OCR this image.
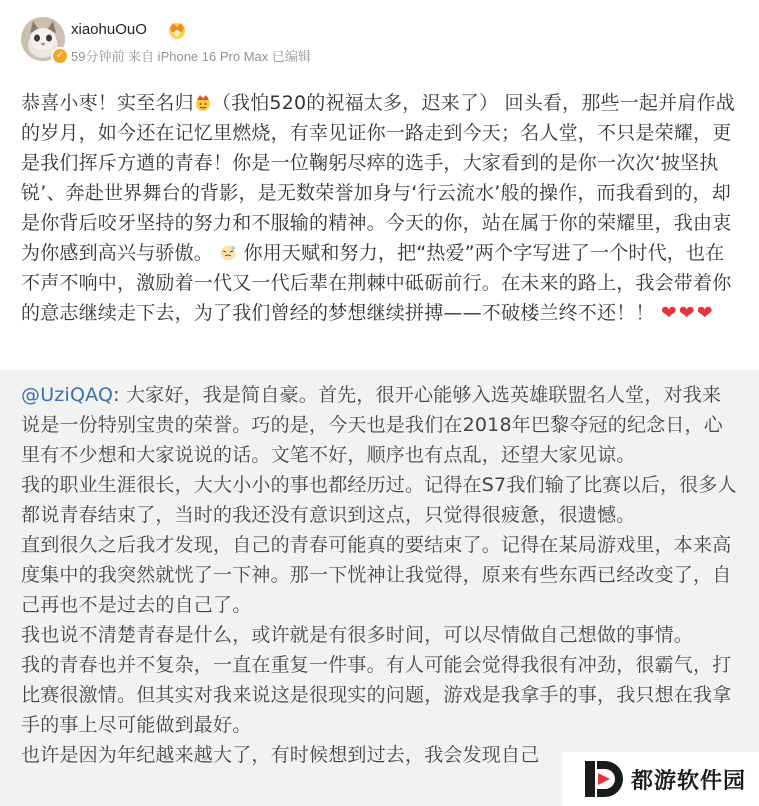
✓
xiaohuOuO
59分钟前 来自 iPhone 16 Pro Max 已编辑
恭喜小枣！实至名归 （我怕520的祝福太多，迟来了） 回头看，那些一起并肩作战的岁月，如今还在记忆里燃烧，有幸见证你一路走到今天；名人堂，不只是荣耀，更是我们挥斥方遒的青春！你是一位鞠躬尽瘁的选手，大家看到的是你一次次‘披坚执锐’、奔赴世界舞台的背影，是无数荣誉加身与‘行云流水’般的操作，而我看到的，却是你背后咬牙坚持的努力和不服输的精神。今天的你，站在属于你的荣耀里，我由衷为你感到高兴与骄傲。 你用天赋和努力，把“热爱”两个字写进了一个时代，也在不声不响中，激励着一代又一代后辈在荆棘中砥砺前行。在未来的路上，我会带着你的意志继续走下去，为了我们曾经的梦想继续拼搏——不破楼兰终不还！！ ❤❤❤
@UziQAQ: 大家好，我是简自豪。首先，很开心能够入选英雄联盟名人堂，对我来说是一份特别宝贵的荣誉。巧的是，今天也是我们在2018年巴黎夺冠的纪念日，心里有不少想和大家说说的话。文笔不好，顺序也有点乱，还望大家见谅。
我的职业生涯很长，大大小小的事也都经历过。记得在S7我们输了比赛以后，很多人都说青春结束了，当时的我还没有意识到这点，只觉得很疲惫，很遗憾。
直到很久之后我才发现，自己的青春可能真的要结束了。记得在某局游戏里，本来高度集中的我突然就恍了一下神。那一下恍神让我觉得，原来有些东西已经改变了，自己再也不是过去的自己了。
我也说不清楚青春是什么，或许就是有很多时间，可以尽情做自己想做的事情。
我的青春也并不复杂，一直在重复一件事。有人可能会觉得我很有冲劲，很霸气，打比赛很激情。但其实对我来说这是很现实的问题，游戏是我拿手的事，我只想在我拿手的事上尽可能做到最好。
也许是因为年纪越来越大了，有时候想到过去，我会发现自己
都游软件园
